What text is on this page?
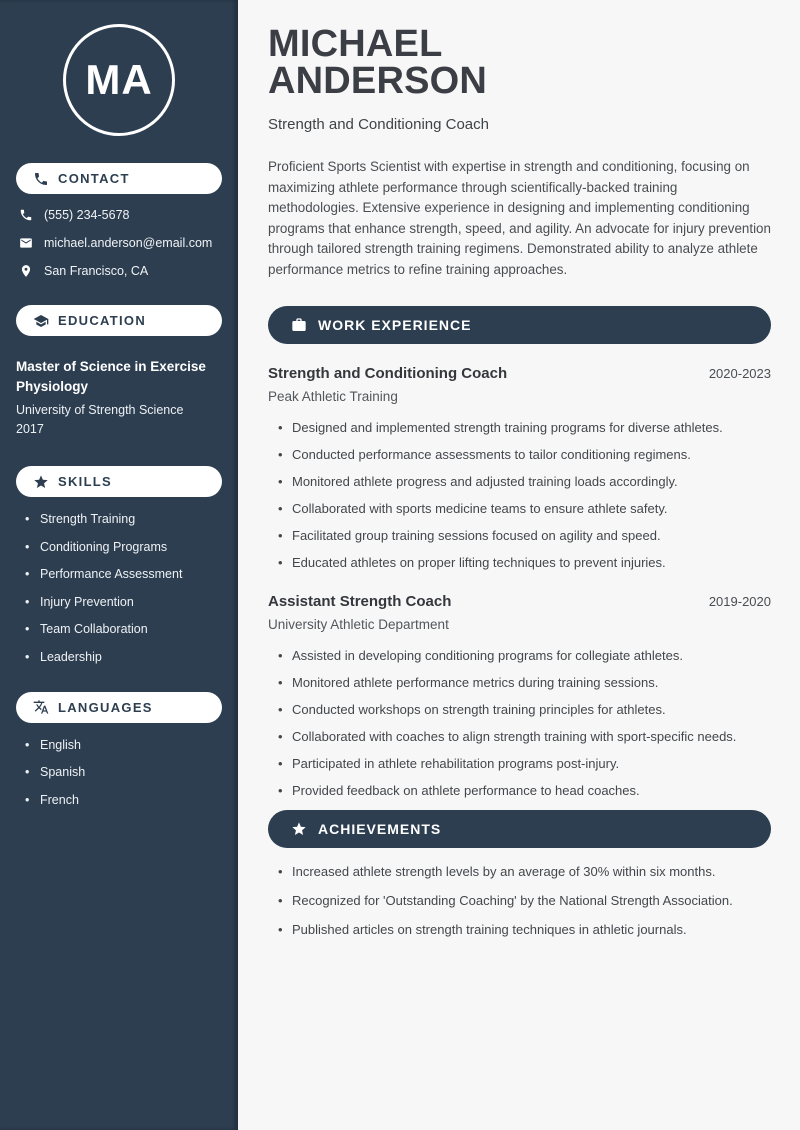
MA
CONTACT
(555) 234-5678
michael.anderson@email.com
San Francisco, CA
EDUCATION
Master of Science in Exercise Physiology
University of Strength Science
2017
SKILLS
• Strength Training
• Conditioning Programs
• Performance Assessment
• Injury Prevention
• Team Collaboration
• Leadership
LANGUAGES
• English
• Spanish
• French
MICHAEL
ANDERSON
Strength and Conditioning Coach

Proficient Sports Scientist with expertise in strength and conditioning, focusing on maximizing athlete performance through scientifically-backed training methodologies. Extensive experience in designing and implementing conditioning programs that enhance strength, speed, and agility. An advocate for injury prevention through tailored strength training regimens. Demonstrated ability to analyze athlete performance metrics to refine training approaches.

WORK EXPERIENCE
Strength and Conditioning Coach	2020-2023
Peak Athletic Training
• Designed and implemented strength training programs for diverse athletes.
• Conducted performance assessments to tailor conditioning regimens.
• Monitored athlete progress and adjusted training loads accordingly.
• Collaborated with sports medicine teams to ensure athlete safety.
• Facilitated group training sessions focused on agility and speed.
• Educated athletes on proper lifting techniques to prevent injuries.
Assistant Strength Coach	2019-2020
University Athletic Department
• Assisted in developing conditioning programs for collegiate athletes.
• Monitored athlete performance metrics during training sessions.
• Conducted workshops on strength training principles for athletes.
• Collaborated with coaches to align strength training with sport-specific needs.
• Participated in athlete rehabilitation programs post-injury.
• Provided feedback on athlete performance to head coaches.
ACHIEVEMENTS
• Increased athlete strength levels by an average of 30% within six months.
• Recognized for 'Outstanding Coaching' by the National Strength Association.
• Published articles on strength training techniques in athletic journals.
